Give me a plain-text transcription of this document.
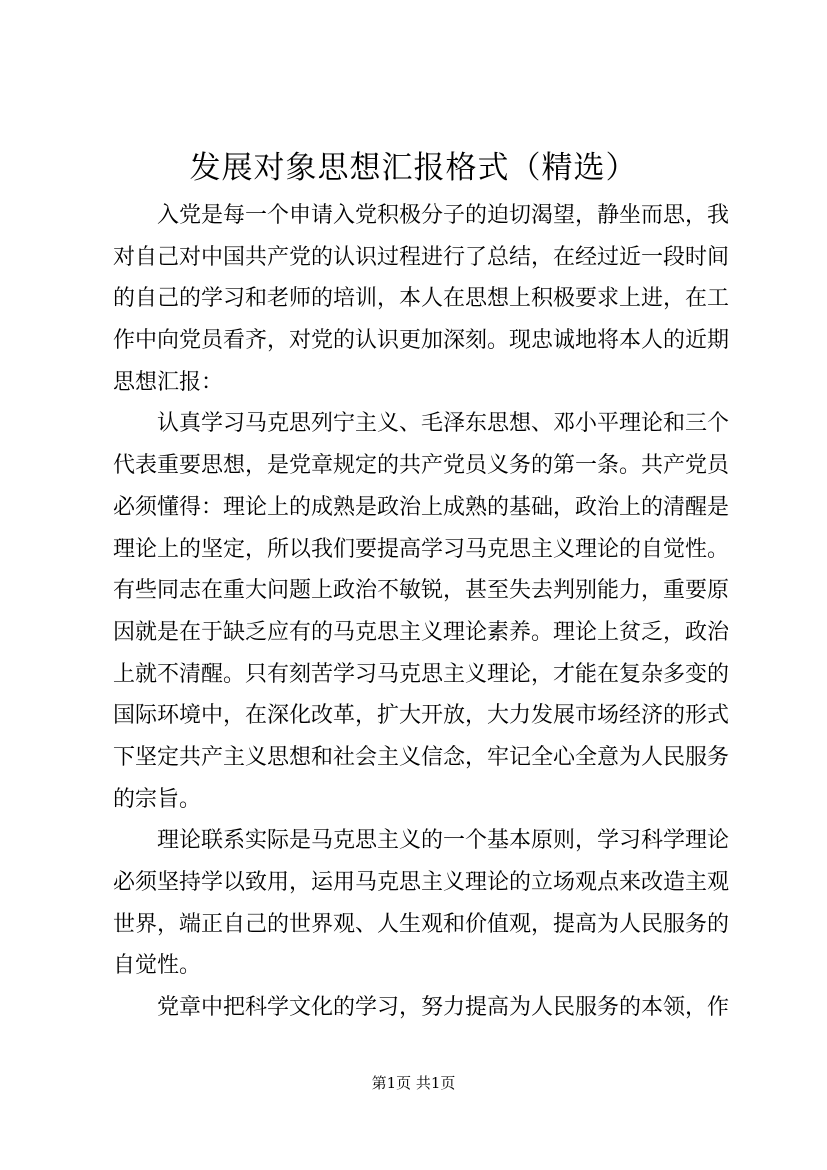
发展对象思想汇报格式（精选）
入党是每一个申请入党积极分子的迫切渴望，静坐而思，我
对自己对中国共产党的认识过程进行了总结，在经过近一段时间
的自己的学习和老师的培训，本人在思想上积极要求上进，在工
作中向党员看齐，对党的认识更加深刻。现忠诚地将本人的近期
思想汇报：
认真学习马克思列宁主义、毛泽东思想、邓小平理论和三个
代表重要思想，是党章规定的共产党员义务的第一条。共产党员
必须懂得：理论上的成熟是政治上成熟的基础，政治上的清醒是
理论上的坚定，所以我们要提高学习马克思主义理论的自觉性。
有些同志在重大问题上政治不敏锐，甚至失去判别能力，重要原
因就是在于缺乏应有的马克思主义理论素养。理论上贫乏，政治
上就不清醒。只有刻苦学习马克思主义理论，才能在复杂多变的
国际环境中，在深化改革，扩大开放，大力发展市场经济的形式
下坚定共产主义思想和社会主义信念，牢记全心全意为人民服务
的宗旨。
理论联系实际是马克思主义的一个基本原则，学习科学理论
必须坚持学以致用，运用马克思主义理论的立场观点来改造主观
世界，端正自己的世界观、人生观和价值观，提高为人民服务的
自觉性。
党章中把科学文化的学习，努力提高为人民服务的本领，作
第1页 共1页
